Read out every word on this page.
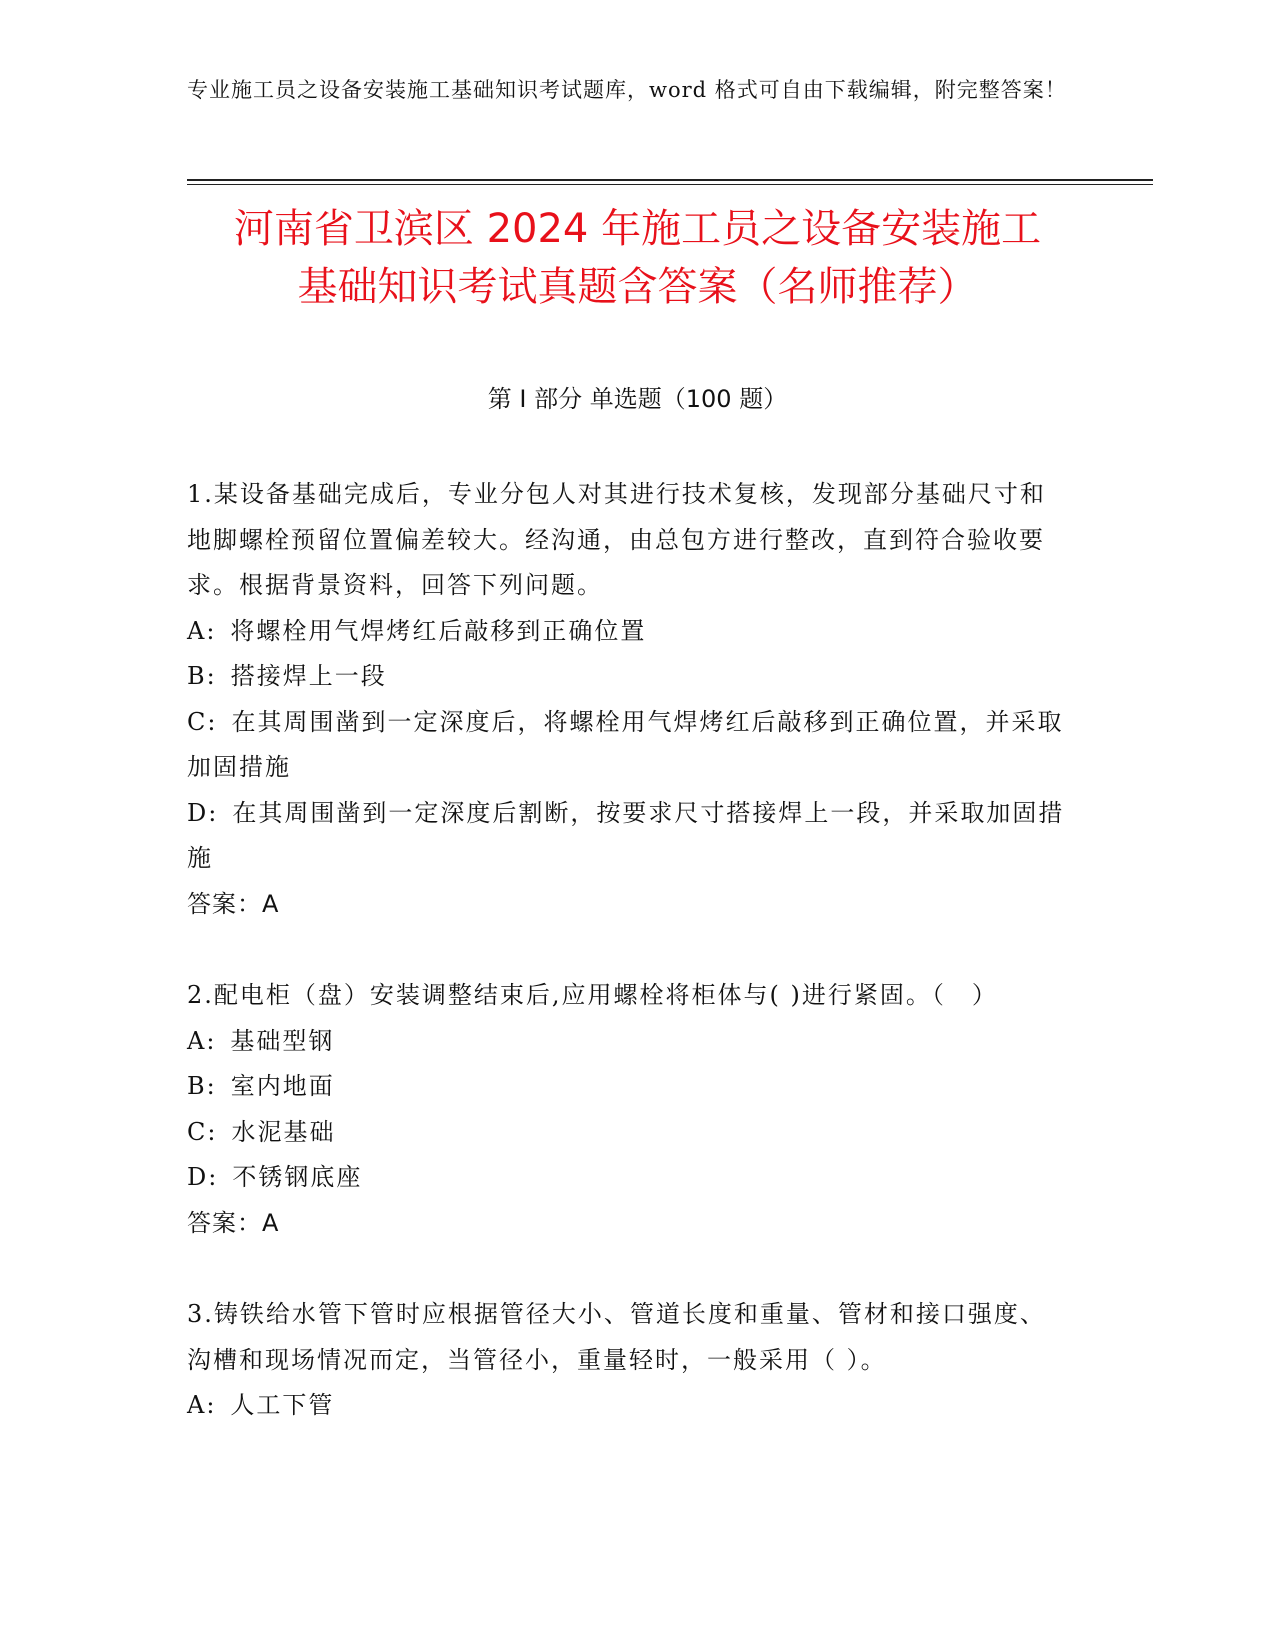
专业施工员之设备安装施工基础知识考试题库，word 格式可自由下载编辑，附完整答案！
河南省卫滨区 2024 年施工员之设备安装施工
基础知识考试真题含答案（名师推荐）
第 I 部分 单选题（100 题）
1.某设备基础完成后，专业分包人对其进行技术复核，发现部分基础尺寸和地脚螺栓预留位置偏差较大。经沟通，由总包方进行整改，直到符合验收要求。根据背景资料，回答下列问题。
A: 将螺栓用气焊烤红后敲移到正确位置
B: 搭接焊上一段
C: 在其周围凿到一定深度后，将螺栓用气焊烤红后敲移到正确位置，并采取加固措施
D: 在其周围凿到一定深度后割断，按要求尺寸搭接焊上一段，并采取加固措施
答案：A
2.配电柜（盘）安装调整结束后,应用螺栓将柜体与( )进行紧固。（　）
A: 基础型钢
B: 室内地面
C: 水泥基础
D: 不锈钢底座
答案：A
3.铸铁给水管下管时应根据管径大小、管道长度和重量、管材和接口强度、沟槽和现场情况而定，当管径小，重量轻时，一般采用（ ）。
A: 人工下管
